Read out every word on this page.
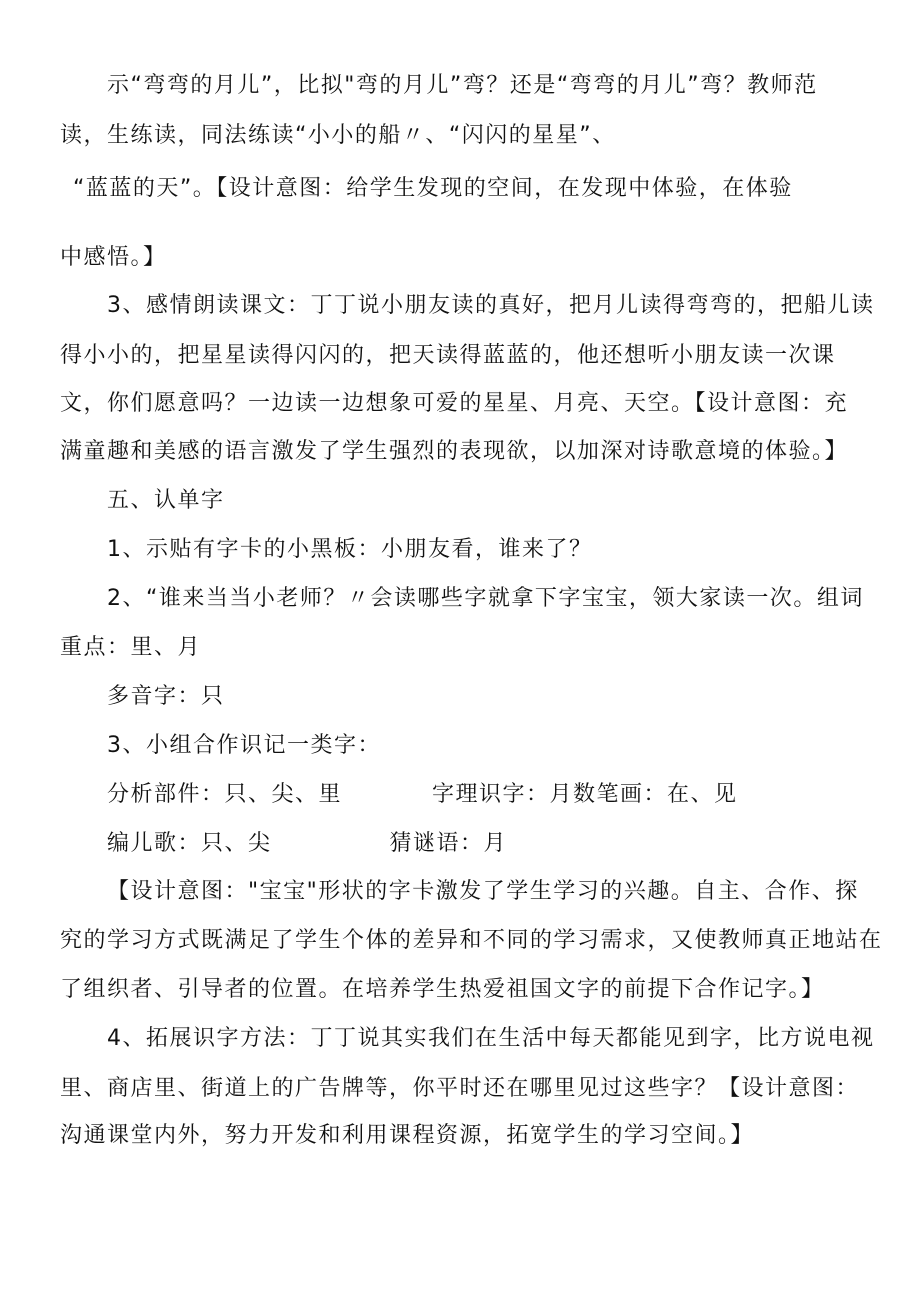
示“弯弯的月儿”，比拟"弯的月儿”弯？还是“弯弯的月儿”弯？教师范
读，生练读，同法练读“小小的船〃、“闪闪的星星”、
“蓝蓝的天”。【设计意图：给学生发现的空间，在发现中体验，在体验
中感悟。】
3、感情朗读课文：丁丁说小朋友读的真好，把月儿读得弯弯的，把船儿读
得小小的，把星星读得闪闪的，把天读得蓝蓝的，他还想听小朋友读一次课
文，你们愿意吗？一边读一边想象可爱的星星、月亮、天空。【设计意图：充
满童趣和美感的语言激发了学生强烈的表现欲，以加深对诗歌意境的体验。】
五、认单字
1、示贴有字卡的小黑板：小朋友看，谁来了？
2、“谁来当当小老师？〃会读哪些字就拿下字宝宝，领大家读一次。组词
重点：里、月
多音字：只
3、小组合作识记一类字：
分析部件：只、尖、里	字理识字：月数笔画：在、见
编儿歌：只、尖	猜谜语：月
【设计意图："宝宝"形状的字卡激发了学生学习的兴趣。自主、合作、探
究的学习方式既满足了学生个体的差异和不同的学习需求，又使教师真正地站在
了组织者、引导者的位置。在培养学生热爱祖国文字的前提下合作记字。】
4、拓展识字方法：丁丁说其实我们在生活中每天都能见到字，比方说电视
里、商店里、街道上的广告牌等，你平时还在哪里见过这些字？【设计意图：
沟通课堂内外，努力开发和利用课程资源，拓宽学生的学习空间。】
